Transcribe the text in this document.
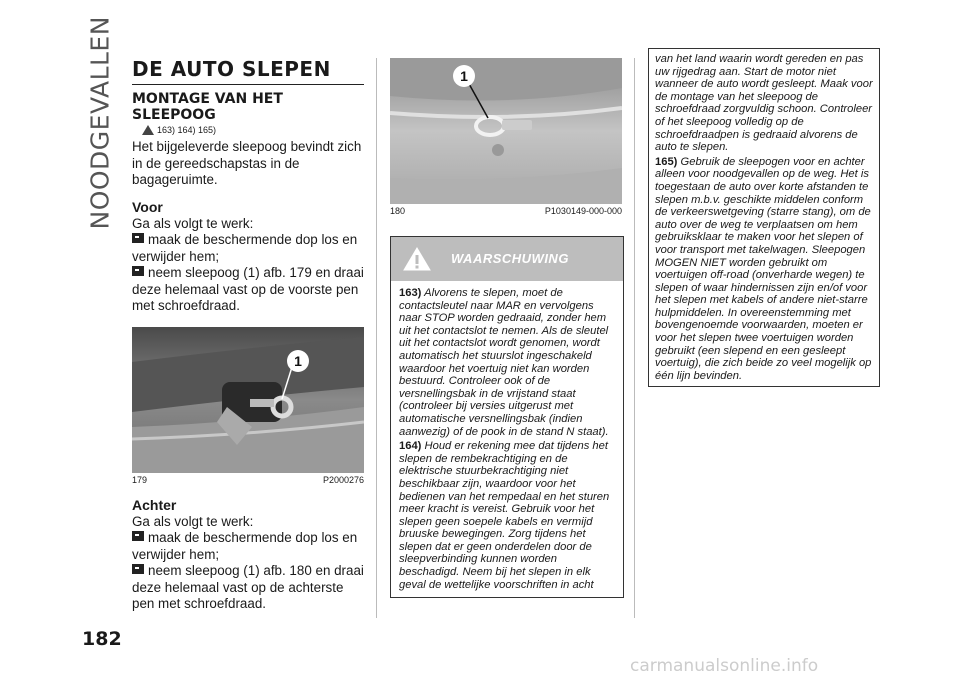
NOODGEVALLEN
182
DE AUTO SLEPEN
MONTAGE VAN HET
SLEEPOOG
163) 164) 165)

Het bijgeleverde sleepoog bevindt zich in de gereedschapstas in de bagageruimte.

Voor

Ga als volgt te werk:

maak de beschermende dop los en verwijder hem;

neem sleepoog (1) afb. 179 en draai deze helemaal vast op de voorste pen met schroefdraad.

1
179	P2000276
Achter

Ga als volgt te werk:

maak de beschermende dop los en verwijder hem;

neem sleepoog (1) afb. 180 en draai deze helemaal vast op de achterste pen met schroefdraad.

1
180	P1030149-000-000
WAARSCHUWING

163) Alvorens te slepen, moet de contactsleutel naar MAR en vervolgens naar STOP worden gedraaid, zonder hem uit het contactslot te nemen. Als de sleutel uit het contactslot wordt genomen, wordt automatisch het stuurslot ingeschakeld waardoor het voertuig niet kan worden bestuurd. Controleer ook of de versnellingsbak in de vrijstand staat (controleer bij versies uitgerust met automatische versnellingsbak (indien aanwezig) of de pook in de stand N staat).

164) Houd er rekening mee dat tijdens het slepen de rembekrachtiging en de elektrische stuurbekrachtiging niet beschikbaar zijn, waardoor voor het bedienen van het rempedaal en het sturen meer kracht is vereist. Gebruik voor het slepen geen soepele kabels en vermijd bruuske bewegingen. Zorg tijdens het slepen dat er geen onderdelen door de sleepverbinding kunnen worden beschadigd. Neem bij het slepen in elk geval de wettelijke voorschriften in acht

van het land waarin wordt gereden en pas uw rijgedrag aan. Start de motor niet wanneer de auto wordt gesleept. Maak voor de montage van het sleepoog de schroefdraad zorgvuldig schoon. Controleer of het sleepoog volledig op de schroefdraadpen is gedraaid alvorens de auto te slepen.

165) Gebruik de sleepogen voor en achter alleen voor noodgevallen op de weg. Het is toegestaan de auto over korte afstanden te slepen m.b.v. geschikte middelen conform de verkeerswetgeving (starre stang), om de auto over de weg te verplaatsen om hem gebruiksklaar te maken voor het slepen of voor transport met takelwagen. Sleepogen MOGEN NIET worden gebruikt om voertuigen off-road (onverharde wegen) te slepen of waar hindernissen zijn en/of voor het slepen met kabels of andere niet-starre hulpmiddelen. In overeenstemming met bovengenoemde voorwaarden, moeten er voor het slepen twee voertuigen worden gebruikt (een slepend en een gesleept voertuig), die zich beide zo veel mogelijk op één lijn bevinden.

carmanualsonline.info
